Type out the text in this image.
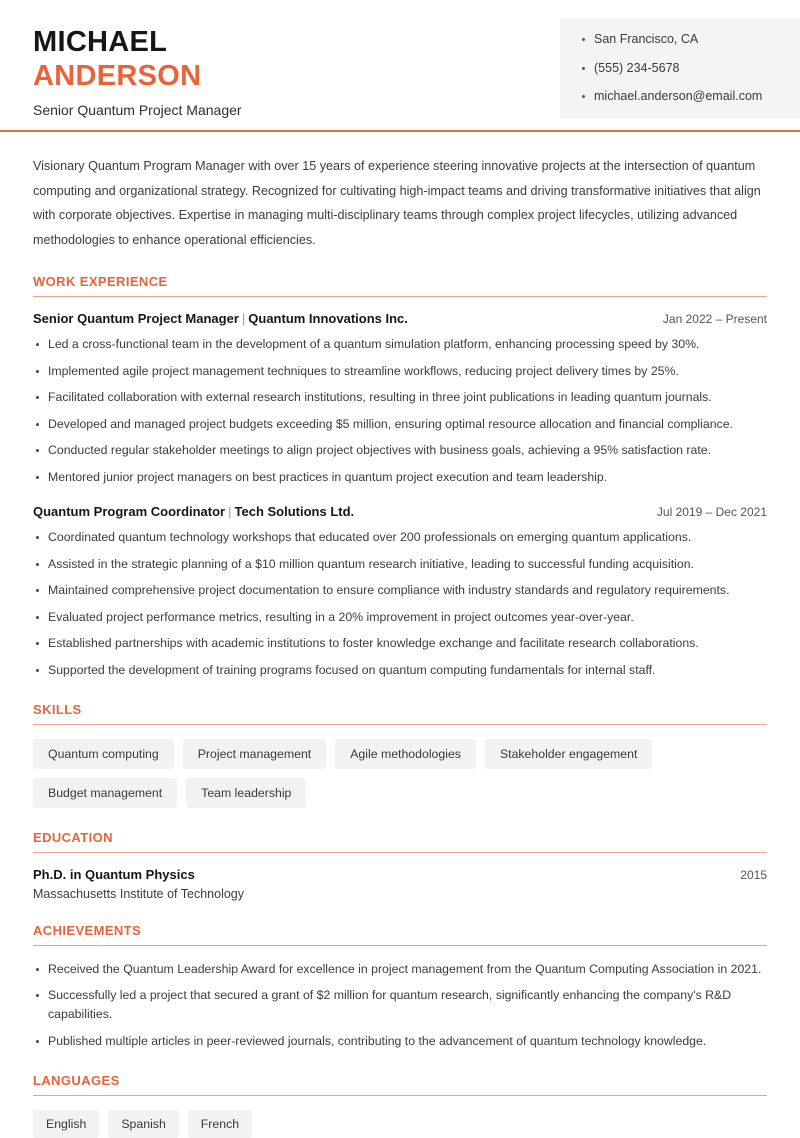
San Francisco, CA
(555) 234-5678
michael.anderson@email.com
MICHAEL
ANDERSON
Senior Quantum Project Manager

Visionary Quantum Program Manager with over 15 years of experience steering innovative projects at the intersection of quantum computing and organizational strategy. Recognized for cultivating high-impact teams and driving transformative initiatives that align with corporate objectives. Expertise in managing multi-disciplinary teams through complex project lifecycles, utilizing advanced methodologies to enhance operational efficiencies.

WORK EXPERIENCE
Senior Quantum Project Manager | Quantum Innovations Inc.	Jan 2022 – Present
Led a cross-functional team in the development of a quantum simulation platform, enhancing processing speed by 30%.
Implemented agile project management techniques to streamline workflows, reducing project delivery times by 25%.
Facilitated collaboration with external research institutions, resulting in three joint publications in leading quantum journals.
Developed and managed project budgets exceeding $5 million, ensuring optimal resource allocation and financial compliance.
Conducted regular stakeholder meetings to align project objectives with business goals, achieving a 95% satisfaction rate.
Mentored junior project managers on best practices in quantum project execution and team leadership.
Quantum Program Coordinator | Tech Solutions Ltd.	Jul 2019 – Dec 2021
Coordinated quantum technology workshops that educated over 200 professionals on emerging quantum applications.
Assisted in the strategic planning of a $10 million quantum research initiative, leading to successful funding acquisition.
Maintained comprehensive project documentation to ensure compliance with industry standards and regulatory requirements.
Evaluated project performance metrics, resulting in a 20% improvement in project outcomes year-over-year.
Established partnerships with academic institutions to foster knowledge exchange and facilitate research collaborations.
Supported the development of training programs focused on quantum computing fundamentals for internal staff.
SKILLS
Quantum computing	Project management	Agile methodologies	Stakeholder engagement
Budget management	Team leadership
EDUCATION
Ph.D. in Quantum Physics	2015
Massachusetts Institute of Technology
ACHIEVEMENTS
Received the Quantum Leadership Award for excellence in project management from the Quantum Computing Association in 2021.
Successfully led a project that secured a grant of $2 million for quantum research, significantly enhancing the company's R&D capabilities.
Published multiple articles in peer-reviewed journals, contributing to the advancement of quantum technology knowledge.
LANGUAGES
English	Spanish	French
